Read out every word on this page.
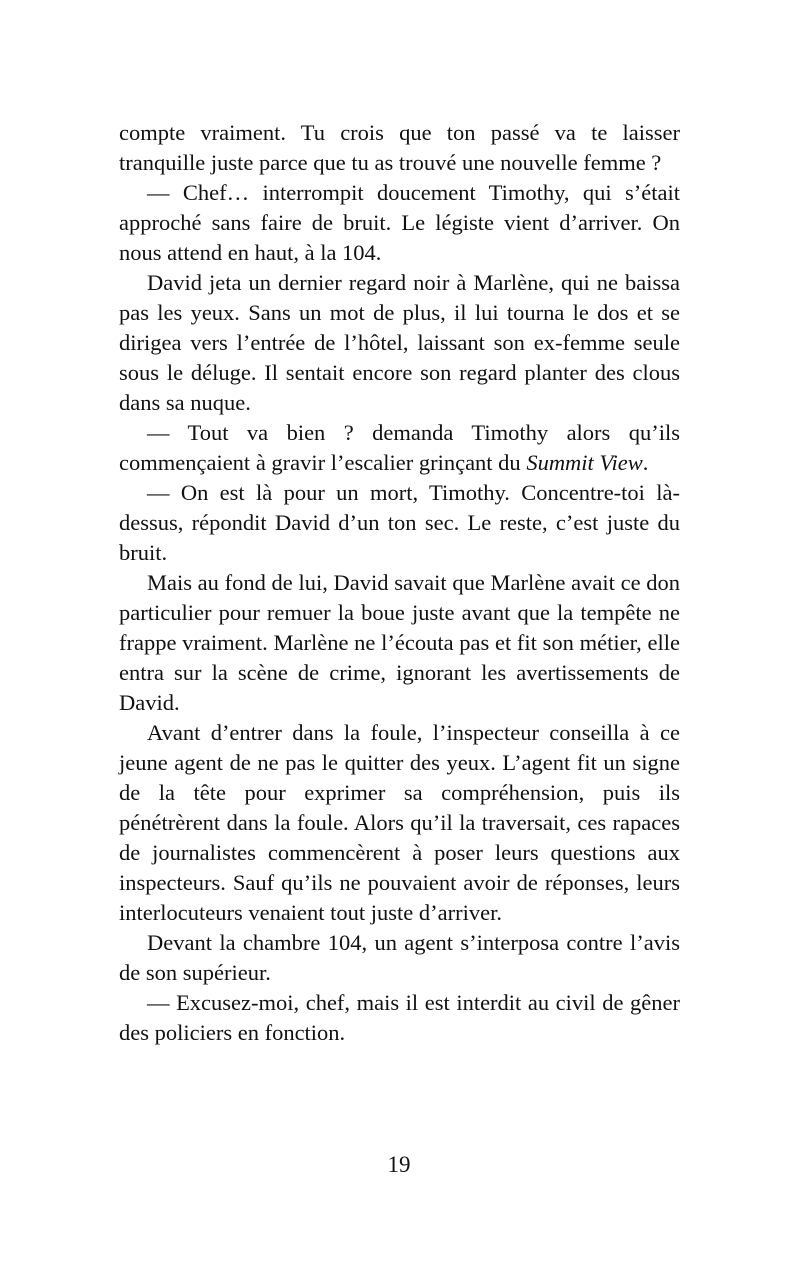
compte vraiment. Tu crois que ton passé va te laisser tranquille juste parce que tu as trouvé une nouvelle femme ?

— Chef… interrompit doucement Timothy, qui s’était approché sans faire de bruit. Le légiste vient d’arriver. On nous attend en haut, à la 104.

David jeta un dernier regard noir à Marlène, qui ne baissa pas les yeux. Sans un mot de plus, il lui tourna le dos et se dirigea vers l’entrée de l’hôtel, laissant son ex-femme seule sous le déluge. Il sentait encore son regard planter des clous dans sa nuque.

— Tout va bien ? demanda Timothy alors qu’ils commençaient à gravir l’escalier grinçant du Summit View.

— On est là pour un mort, Timothy. Concentre-toi là-dessus, répondit David d’un ton sec. Le reste, c’est juste du bruit.

Mais au fond de lui, David savait que Marlène avait ce don particulier pour remuer la boue juste avant que la tempête ne frappe vraiment. Marlène ne l’écouta pas et fit son métier, elle entra sur la scène de crime, ignorant les avertissements de David.

Avant d’entrer dans la foule, l’inspecteur conseilla à ce jeune agent de ne pas le quitter des yeux. L’agent fit un signe de la tête pour exprimer sa compréhension, puis ils pénétrèrent dans la foule. Alors qu’il la traversait, ces rapaces de journalistes commencèrent à poser leurs questions aux inspecteurs. Sauf qu’ils ne pouvaient avoir de réponses, leurs interlocuteurs venaient tout juste d’arriver.

Devant la chambre 104, un agent s’interposa contre l’avis de son supérieur.

— Excusez-moi, chef, mais il est interdit au civil de gêner des policiers en fonction.

19
